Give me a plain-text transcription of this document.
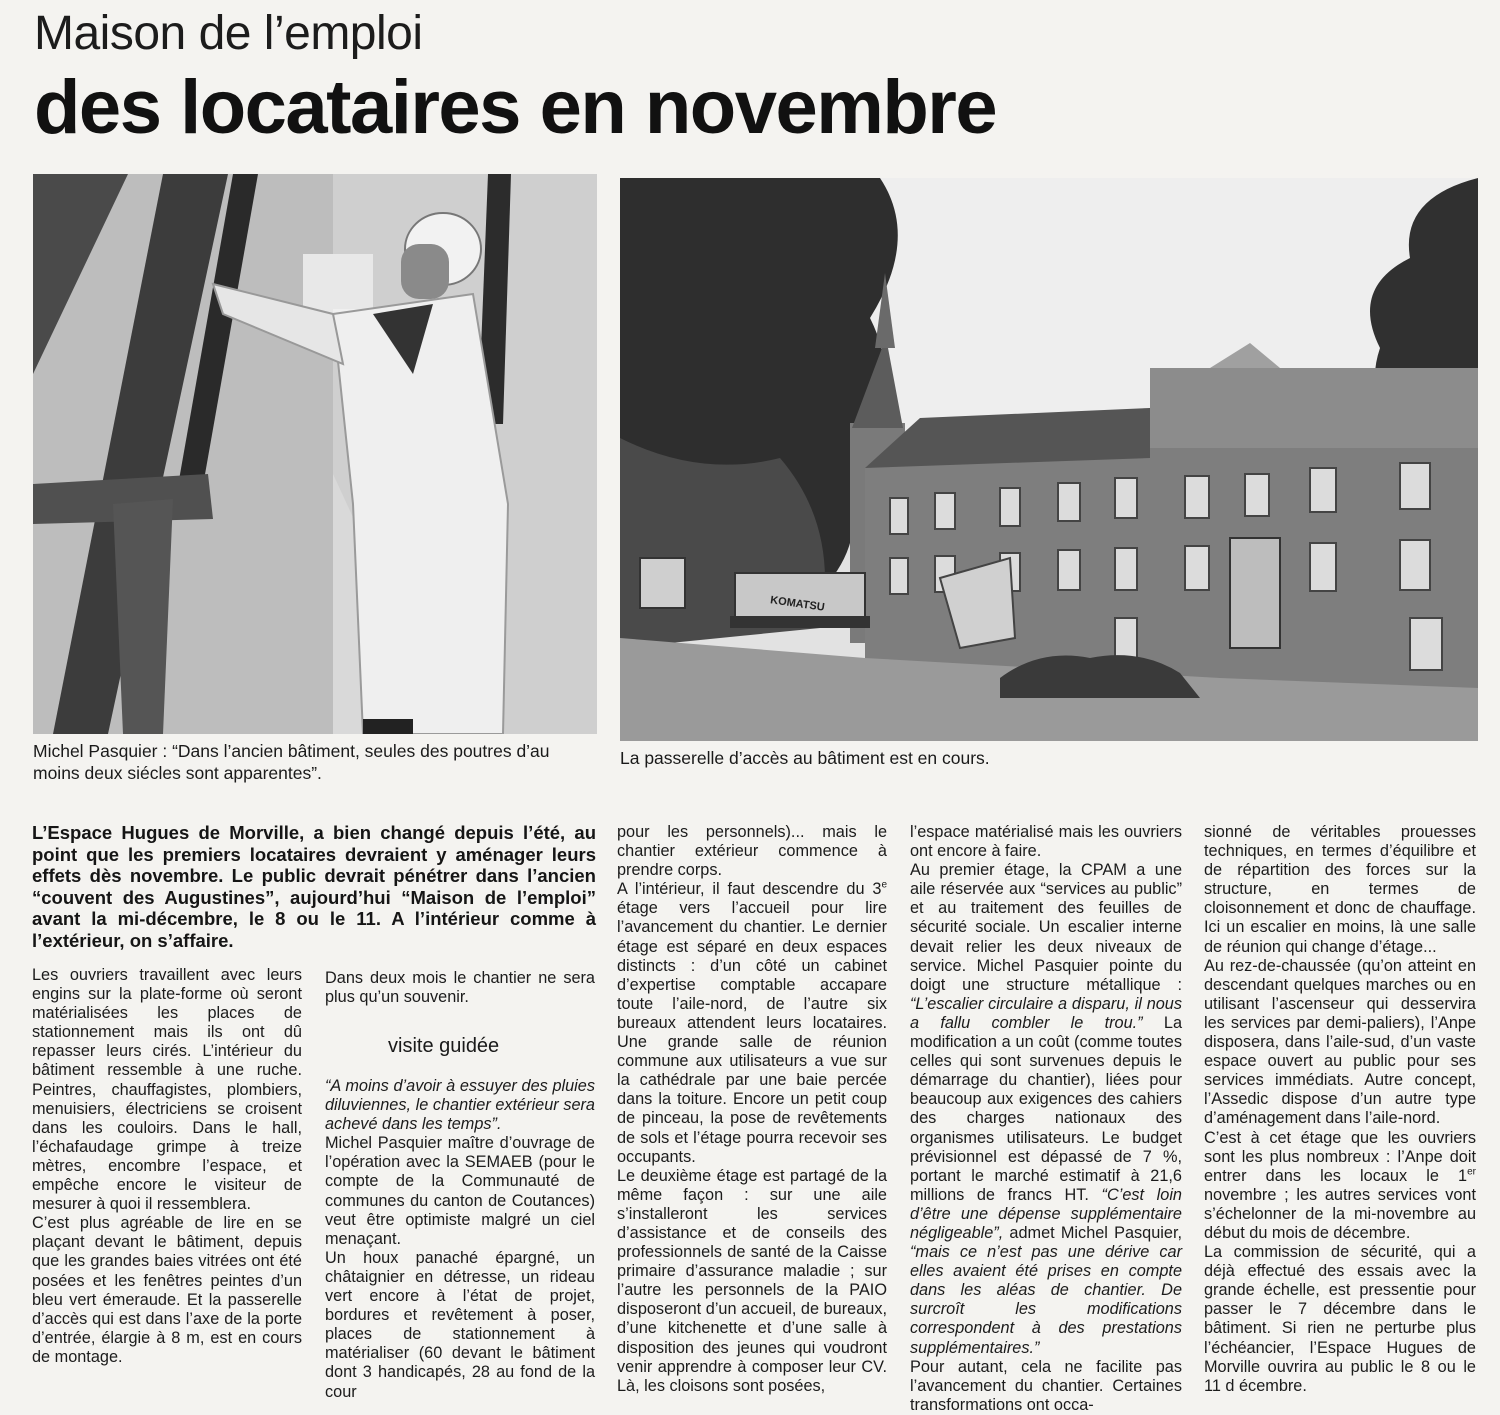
Maison de l’emploi
des locataires en novembre
Michel Pasquier : “Dans l’ancien bâtiment, seules des poutres d’au moins deux siécles sont apparentes”.
KOMATSU
La passerelle d’accès au bâtiment est en cours.
L’Espace Hugues de Morville, a bien changé depuis l’été, au point que les premiers locataires devraient y aménager leurs effets dès novembre. Le public devrait pénétrer dans l’ancien “couvent des Augustines”, aujourd’hui “Maison de l’emploi” avant la mi-décembre, le 8 ou le 11. A l’intérieur comme à l’extérieur, on s’affaire.

Les ouvriers travaillent avec leurs engins sur la plate-forme où seront matérialisées les places de stationnement mais ils ont dû repasser leurs cirés. L’intérieur du bâtiment ressemble à une ruche. Peintres, chauffagistes, plombiers, menuisiers, électriciens se croisent dans les couloirs. Dans le hall, l’échafaudage grimpe à treize mètres, encombre l’espace, et empêche encore le visiteur de mesurer à quoi il ressemblera.

C’est plus agréable de lire en se plaçant devant le bâtiment, depuis que les grandes baies vitrées ont été posées et les fenêtres peintes d’un bleu vert émeraude. Et la passerelle d’accès qui est dans l’axe de la porte d’entrée, élargie à 8 m, est en cours de montage.

Dans deux mois le chantier ne sera plus qu’un souvenir.

visite guidée

“A moins d’avoir à essuyer des pluies diluviennes, le chantier extérieur sera achevé dans les temps”.

Michel Pasquier maître d’ouvrage de l’opération avec la SEMAEB (pour le compte de la Communauté de communes du canton de Coutances) veut être optimiste malgré un ciel menaçant.

Un houx panaché épargné, un châtaignier en détresse, un rideau vert encore à l’état de projet, bordures et revêtement à poser, places de stationnement à matérialiser (60 devant le bâtiment dont 3 handicapés, 28 au fond de la cour

pour les personnels)... mais le chantier extérieur commence à prendre corps.

A l’intérieur, il faut descendre du 3e étage vers l’accueil pour lire l’avancement du chantier. Le dernier étage est séparé en deux espaces distincts : d’un côté un cabinet d’expertise comptable accapare toute l’aile-nord, de l’autre six bureaux attendent leurs locataires. Une grande salle de réunion commune aux utilisateurs a vue sur la cathédrale par une baie percée dans la toiture. Encore un petit coup de pinceau, la pose de revêtements de sols et l’étage pourra recevoir ses occupants.

Le deuxième étage est partagé de la même façon : sur une aile s’installeront les services d’assistance et de conseils des professionnels de santé de la Caisse primaire d’assurance maladie ; sur l’autre les personnels de la PAIO disposeront d’un accueil, de bureaux, d’une kitchenette et d’une salle à disposition des jeunes qui voudront venir apprendre à composer leur CV. Là, les cloisons sont posées,

l’espace matérialisé mais les ouvriers ont encore à faire.

Au premier étage, la CPAM a une aile réservée aux “services au public” et au traitement des feuilles de sécurité sociale. Un escalier interne devait relier les deux niveaux de service. Michel Pasquier pointe du doigt une structure métallique : “L’escalier circulaire a disparu, il nous a fallu combler le trou.” La modification a un coût (comme toutes celles qui sont survenues depuis le démarrage du chantier), liées pour beaucoup aux exigences des cahiers des charges nationaux des organismes utilisateurs. Le budget prévisionnel est dépassé de 7 %, portant le marché estimatif à 21,6 millions de francs HT. “C’est loin d’être une dépense supplémentaire négligeable”, admet Michel Pasquier, “mais ce n’est pas une dérive car elles avaient été prises en compte dans les aléas de chantier. De surcroît les modifications correspondent à des prestations supplémentaires.”

Pour autant, cela ne facilite pas l’avancement du chantier. Certaines transformations ont occa-

sionné de véritables prouesses techniques, en termes d’équilibre et de répartition des forces sur la structure, en termes de cloisonnement et donc de chauffage. Ici un escalier en moins, là une salle de réunion qui change d’étage...

Au rez-de-chaussée (qu’on atteint en descendant quelques marches ou en utilisant l’ascenseur qui desservira les services par demi-paliers), l’Anpe disposera, dans l’aile-sud, d’un vaste espace ouvert au public pour ses services immédiats. Autre concept, l’Assedic dispose d’un autre type d’aménagement dans l’aile-nord.

C’est à cet étage que les ouvriers sont les plus nombreux : l’Anpe doit entrer dans les locaux le 1er novembre ; les autres services vont s’échelonner de la mi-novembre au début du mois de décembre.

La commission de sécurité, qui a déjà effectué des essais avec la grande échelle, est pressentie pour passer le 7 décembre dans le bâtiment. Si rien ne perturbe plus l’échéancier, l’Espace Hugues de Morville ouvrira au public le 8 ou le 11 d écembre.
